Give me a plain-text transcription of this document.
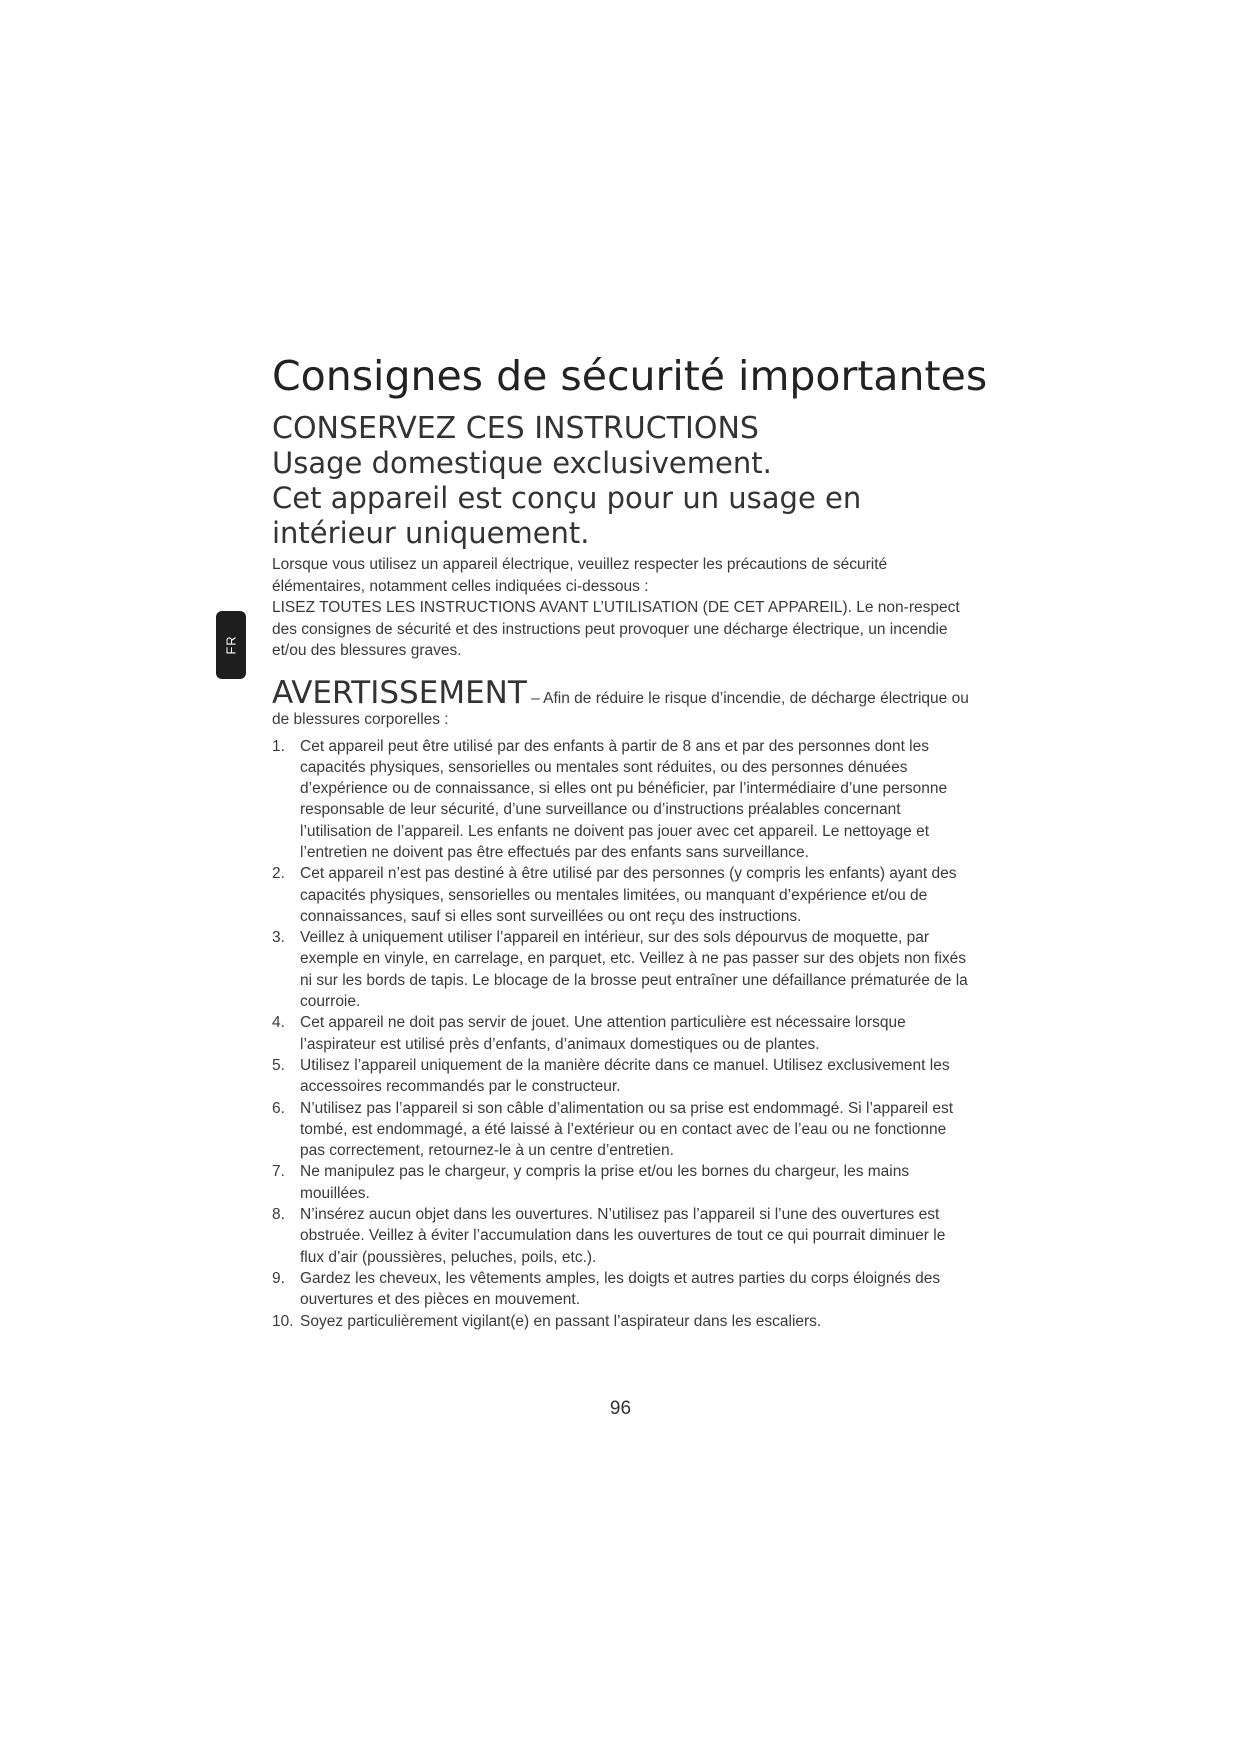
FR
Consignes de sécurité importantes
CONSERVEZ CES INSTRUCTIONS
Usage domestique exclusivement.
Cet appareil est conçu pour un usage en intérieur uniquement.

Lorsque vous utilisez un appareil électrique, veuillez respecter les précautions de sécurité élémentaires, notamment celles indiquées ci-dessous :
LISEZ TOUTES LES INSTRUCTIONS AVANT L’UTILISATION (DE CET APPAREIL). Le non-respect des consignes de sécurité et des instructions peut provoquer une décharge électrique, un incendie et/ou des blessures graves.

AVERTISSEMENT – Afin de réduire le risque d’incendie, de décharge électrique ou de blessures corporelles :
1. Cet appareil peut être utilisé par des enfants à partir de 8 ans et par des personnes dont les capacités physiques, sensorielles ou mentales sont réduites, ou des personnes dénuées d’expérience ou de connaissance, si elles ont pu bénéficier, par l’intermédiaire d’une personne responsable de leur sécurité, d’une surveillance ou d’instructions préalables concernant l’utilisation de l’appareil. Les enfants ne doivent pas jouer avec cet appareil. Le nettoyage et l’entretien ne doivent pas être effectués par des enfants sans surveillance.
2. Cet appareil n’est pas destiné à être utilisé par des personnes (y compris les enfants) ayant des capacités physiques, sensorielles ou mentales limitées, ou manquant d’expérience et/ou de connaissances, sauf si elles sont surveillées ou ont reçu des instructions.
3. Veillez à uniquement utiliser l’appareil en intérieur, sur des sols dépourvus de moquette, par exemple en vinyle, en carrelage, en parquet, etc. Veillez à ne pas passer sur des objets non fixés ni sur les bords de tapis. Le blocage de la brosse peut entraîner une défaillance prématurée de la courroie.
4. Cet appareil ne doit pas servir de jouet. Une attention particulière est nécessaire lorsque l’aspirateur est utilisé près d’enfants, d’animaux domestiques ou de plantes.
5. Utilisez l’appareil uniquement de la manière décrite dans ce manuel. Utilisez exclusivement les accessoires recommandés par le constructeur.
6. N’utilisez pas l’appareil si son câble d’alimentation ou sa prise est endommagé. Si l’appareil est tombé, est endommagé, a été laissé à l’extérieur ou en contact avec de l’eau ou ne fonctionne pas correctement, retournez-le à un centre d’entretien.
7. Ne manipulez pas le chargeur, y compris la prise et/ou les bornes du chargeur, les mains mouillées.
8. N’insérez aucun objet dans les ouvertures. N’utilisez pas l’appareil si l’une des ouvertures est obstruée. Veillez à éviter l’accumulation dans les ouvertures de tout ce qui pourrait diminuer le flux d’air (poussières, peluches, poils, etc.).
9. Gardez les cheveux, les vêtements amples, les doigts et autres parties du corps éloignés des ouvertures et des pièces en mouvement.
10. Soyez particulièrement vigilant(e) en passant l’aspirateur dans les escaliers.
96
